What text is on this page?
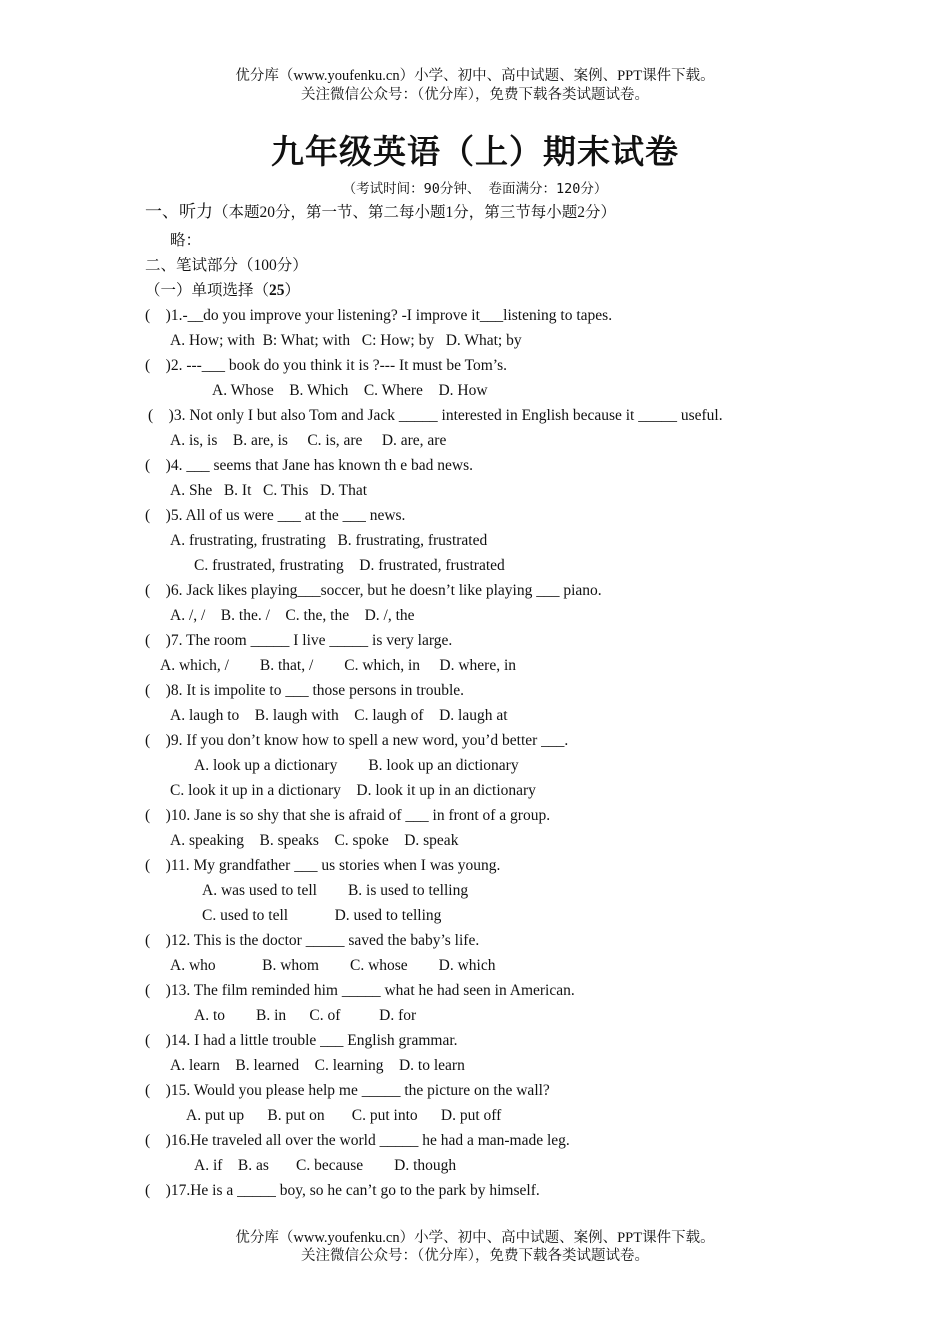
优分库（www.youfenku.cn）小学、初中、高中试题、案例、PPT课件下载。
关注微信公众号：（优分库），免费下载各类试题试卷。
九年级英语（上）期末试卷
（考试时间：90分钟、 卷面满分：120分）
一、听力（本题20分，第一节、第二每小题1分，第三节每小题2分）
略：
二、笔试部分（100分）
（一）单项选择（25）
(    )1.-__do you improve your listening? -I improve it___listening to tapes.
A. How; with  B: What; with   C: How; by   D. What; by
(    )2. ---___ book do you think it is ?--- It must be Tom’s.
A. Whose    B. Which    C. Where    D. How
(    )3. Not only I but also Tom and Jack _____ interested in English because it _____ useful.
A. is, is    B. are, is     C. is, are     D. are, are
(    )4. ___ seems that Jane has known th e bad news.
A. She   B. It   C. This   D. That
(    )5. All of us were ___ at the ___ news.
A. frustrating, frustrating   B. frustrating, frustrated
C. frustrated, frustrating    D. frustrated, frustrated
(    )6. Jack likes playing___soccer, but he doesn’t like playing ___ piano.
A. /, /    B. the. /    C. the, the    D. /, the
(    )7. The room _____ I live _____ is very large.
A. which, /        B. that, /        C. which, in     D. where, in
(    )8. It is impolite to ___ those persons in trouble.
A. laugh to    B. laugh with    C. laugh of    D. laugh at
(    )9. If you don’t know how to spell a new word, you’d better ___.
A. look up a dictionary        B. look up an dictionary
C. look it up in a dictionary    D. look it up in an dictionary
(    )10. Jane is so shy that she is afraid of ___ in front of a group.
A. speaking    B. speaks    C. spoke    D. speak
(    )11. My grandfather ___ us stories when I was young.
A. was used to tell        B. is used to telling
C. used to tell            D. used to telling
(    )12. This is the doctor _____ saved the baby’s life.
A. who            B. whom        C. whose        D. which
(    )13. The film reminded him _____ what he had seen in American.
A. to        B. in      C. of          D. for
(    )14. I had a little trouble ___ English grammar.
A. learn    B. learned    C. learning    D. to learn
(    )15. Would you please help me _____ the picture on the wall?
A. put up      B. put on       C. put into      D. put off
(    )16.He traveled all over the world _____ he had a man-made leg.
A. if    B. as       C. because        D. though
(    )17.He is a _____ boy, so he can’t go to the park by himself.
优分库（www.youfenku.cn）小学、初中、高中试题、案例、PPT课件下载。
关注微信公众号：（优分库），免费下载各类试题试卷。
